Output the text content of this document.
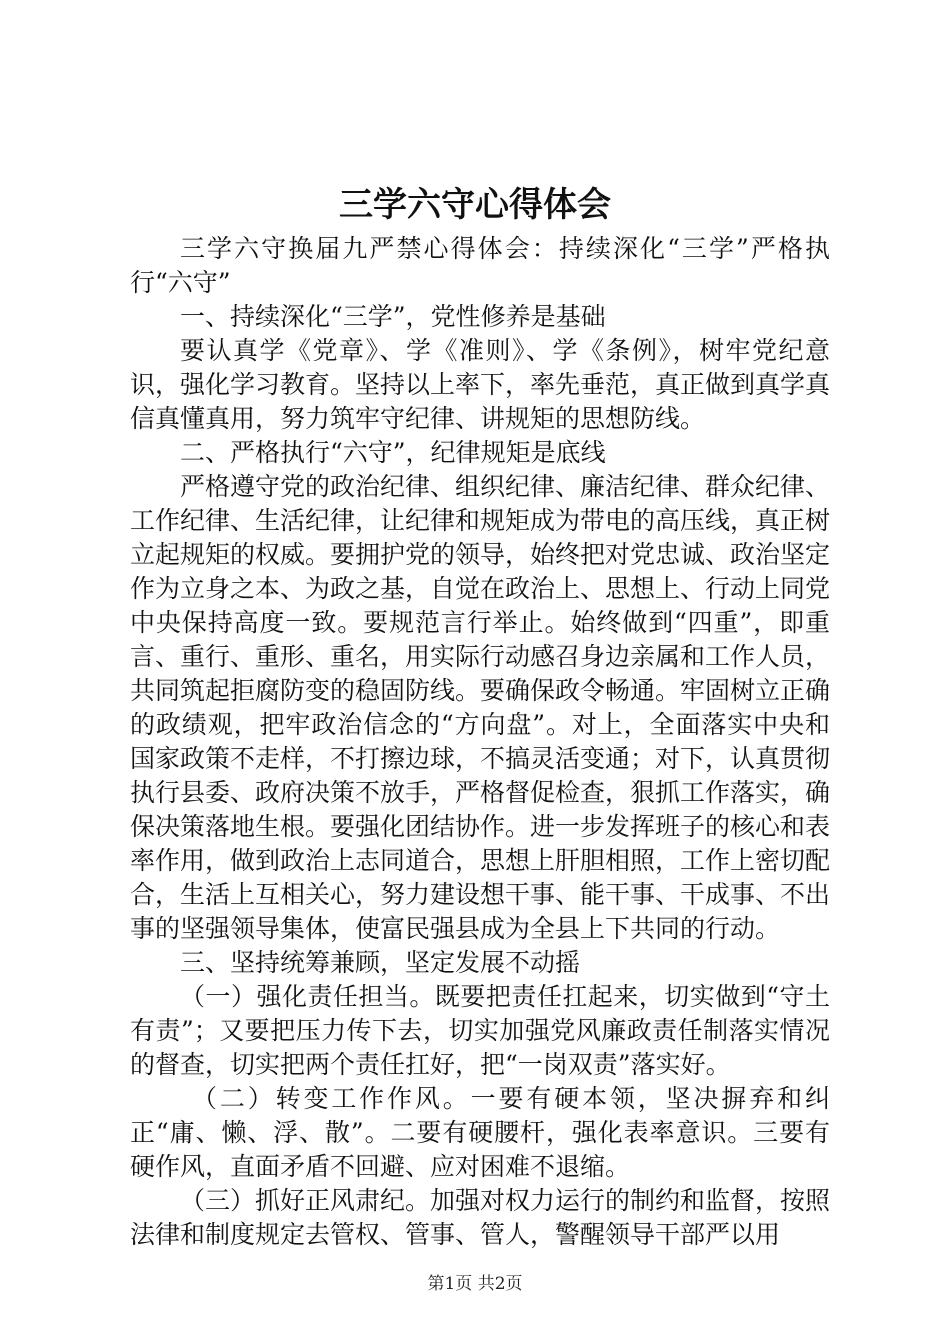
三学六守心得体会

三学六守换届九严禁心得体会：持续深化“三学”严格执行“六守”

一、持续深化“三学”，党性修养是基础

要认真学《党章》、学《准则》、学《条例》，树牢党纪意识，强化学习教育。坚持以上率下，率先垂范，真正做到真学真信真懂真用，努力筑牢守纪律、讲规矩的思想防线。

二、严格执行“六守”，纪律规矩是底线

严格遵守党的政治纪律、组织纪律、廉洁纪律、群众纪律、工作纪律、生活纪律，让纪律和规矩成为带电的高压线，真正树立起规矩的权威。要拥护党的领导，始终把对党忠诚、政治坚定作为立身之本、为政之基，自觉在政治上、思想上、行动上同党中央保持高度一致。要规范言行举止。始终做到“四重”，即重言、重行、重形、重名，用实际行动感召身边亲属和工作人员，共同筑起拒腐防变的稳固防线。要确保政令畅通。牢固树立正确的政绩观，把牢政治信念的“方向盘”。对上，全面落实中央和国家政策不走样，不打擦边球，不搞灵活变通；对下，认真贯彻执行县委、政府决策不放手，严格督促检查，狠抓工作落实，确保决策落地生根。要强化团结协作。进一步发挥班子的核心和表率作用，做到政治上志同道合，思想上肝胆相照，工作上密切配合，生活上互相关心，努力建设想干事、能干事、干成事、不出事的坚强领导集体，使富民强县成为全县上下共同的行动。

三、坚持统筹兼顾，坚定发展不动摇

（一）强化责任担当。既要把责任扛起来，切实做到“守土有责”；又要把压力传下去，切实加强党风廉政责任制落实情况的督查，切实把两个责任扛好，把“一岗双责”落实好。

（二）转变工作作风。一要有硬本领，坚决摒弃和纠正“庸、懒、浮、散”。二要有硬腰杆，强化表率意识。三要有硬作风，直面矛盾不回避、应对困难不退缩。

（三）抓好正风肃纪。加强对权力运行的制约和监督，按照法律和制度规定去管权、管事、管人，警醒领导干部严以用

第1页 共2页
